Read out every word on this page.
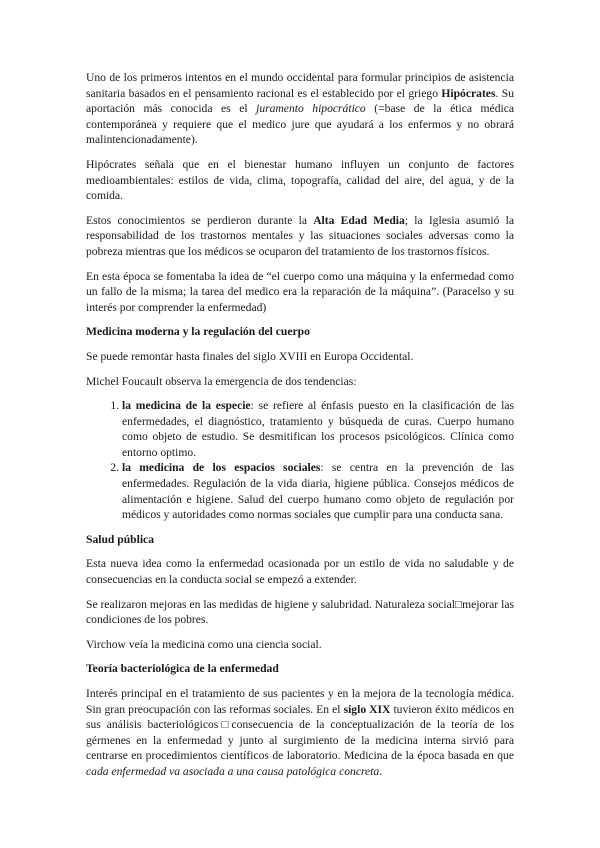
Uno de los primeros intentos en el mundo occidental para formular principios de asistencia sanitaria basados en el pensamiento racional es el establecido por el griego Hipócrates. Su aportación más conocida es el juramento hipocrático (=base de la ética médica contemporánea y requiere que el medico jure que ayudará a los enfermos y no obrará malintencionadamente).

Hipócrates señala que en el bienestar humano influyen un conjunto de factores medioambientales: estilos de vida, clima, topografía, calidad del aire, del agua, y de la comida.

Estos conocimientos se perdieron durante la Alta Edad Media; la Iglesia asumió la responsabilidad de los trastornos mentales y las situaciones sociales adversas como la pobreza mientras que los médicos se ocuparon del tratamiento de los trastornos físicos.

En esta época se fomentaba la idea de “el cuerpo como una máquina y la enfermedad como un fallo de la misma; la tarea del medico era la reparación de la máquina”. (Paracelso y su interés por comprender la enfermedad)

Medicina moderna y la regulación del cuerpo

Se puede remontar hasta finales del siglo XVIII en Europa Occidental.

Michel Foucault observa la emergencia de dos tendencias:

1. la medicina de la especie: se refiere al énfasis puesto en la clasificación de las enfermedades, el diagnóstico, tratamiento y búsqueda de curas. Cuerpo humano como objeto de estudio. Se desmitifican los procesos psicológicos. Clínica como entorno optimo.
2. la medicina de los espacios sociales: se centra en la prevención de las enfermedades. Regulación de la vida diaria, higiene pública. Consejos médicos de alimentación e higiene. Salud del cuerpo humano como objeto de regulación por médicos y autoridades como normas sociales que cumplir para una conducta sana.
Salud pública

Esta nueva idea como la enfermedad ocasionada por un estilo de vida no saludable y de consecuencias en la conducta social se empezó a extender.

Se realizaron mejoras en las medidas de higiene y salubridad. Naturaleza social□mejorar las condiciones de los pobres.

Virchow veía la medicina como una ciencia social.

Teoría bacteriológica de la enfermedad

Interés principal en el tratamiento de sus pacientes y en la mejora de la tecnología médica. Sin gran preocupación con las reformas sociales. En el siglo XIX tuvieron éxito médicos en sus análisis bacteriológicos□consecuencia de la conceptualización de la teoría de los gérmenes en la enfermedad y junto al surgimiento de la medicina interna sirvió para centrarse en procedimientos científicos de laboratorio. Medicina de la época basada en que cada enfermedad va asociada a una causa patológica concreta.
